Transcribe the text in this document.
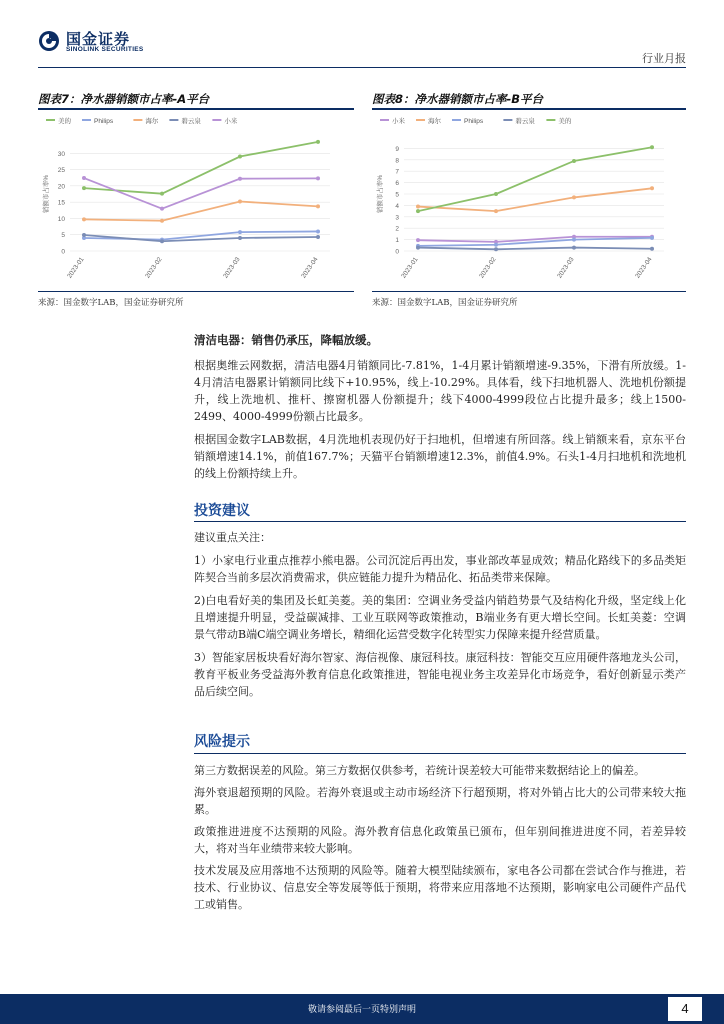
国金证券
SINOLINK SECURITIES
行业月报
图表7：净水器销额市占率-A平台
美的	Philips	海尔	碧云泉	小米
0
5
10
15
20
25
30
销额市占率%
2023-01	2023-02	2023-03	2023-04
来源：国金数字LAB，国金证券研究所
图表8：净水器销额市占率-B平台
小米	海尔	Philips	碧云泉	美的
0
1
2
3
4
5
6
7
8
9
销额市占率%
2023-01	2023-02	2023-03	2023-04
来源：国金数字LAB，国金证券研究所

清洁电器：销售仍承压，降幅放缓。

根据奥维云网数据，清洁电器4月销额同比-7.81%，1-4月累计销额增速-9.35%，下滑有所放缓。1-4月清洁电器累计销额同比线下+10.95%，线上-10.29%。具体看，线下扫地机器人、洗地机份额提升，线上洗地机、推杆、擦窗机器人份额提升；线下4000-4999段位占比提升最多；线上1500-2499、4000-4999份额占比最多。

根据国金数字LAB数据，4月洗地机表现仍好于扫地机，但增速有所回落。线上销额来看，京东平台销额增速14.1%，前值167.7%；天猫平台销额增速12.3%，前值4.9%。石头1-4月扫地机和洗地机的线上份额持续上升。

投资建议

建议重点关注：

1）小家电行业重点推荐小熊电器。公司沉淀后再出发，事业部改革显成效；精品化路线下的多品类矩阵契合当前多层次消费需求，供应链能力提升为精品化、拓品类带来保障。

2)白电看好美的集团及长虹美菱。美的集团：空调业务受益内销趋势景气及结构化升级，坚定线上化且增速提升明显，受益碳减排、工业互联网等政策推动，B端业务有更大增长空间。长虹美菱：空调景气带动B端C端空调业务增长，精细化运营受数字化转型实力保障来提升经营质量。

3）智能家居板块看好海尔智家、海信视像、康冠科技。康冠科技：智能交互应用硬件落地龙头公司，教育平板业务受益海外教育信息化政策推进，智能电视业务主攻差异化市场竞争，看好创新显示类产品后续空间。

风险提示

第三方数据误差的风险。第三方数据仅供参考，若统计误差较大可能带来数据结论上的偏差。

海外衰退超预期的风险。若海外衰退或主动市场经济下行超预期，将对外销占比大的公司带来较大拖累。

政策推进进度不达预期的风险。海外教育信息化政策虽已颁布，但年别间推进进度不同，若差异较大，将对当年业绩带来较大影响。

技术发展及应用落地不达预期的风险等。随着大模型陆续颁布，家电各公司都在尝试合作与推进，若技术、行业协议、信息安全等发展等低于预期，将带来应用落地不达预期，影响家电公司硬件产品代工或销售。

敬请参阅最后一页特别声明	4
